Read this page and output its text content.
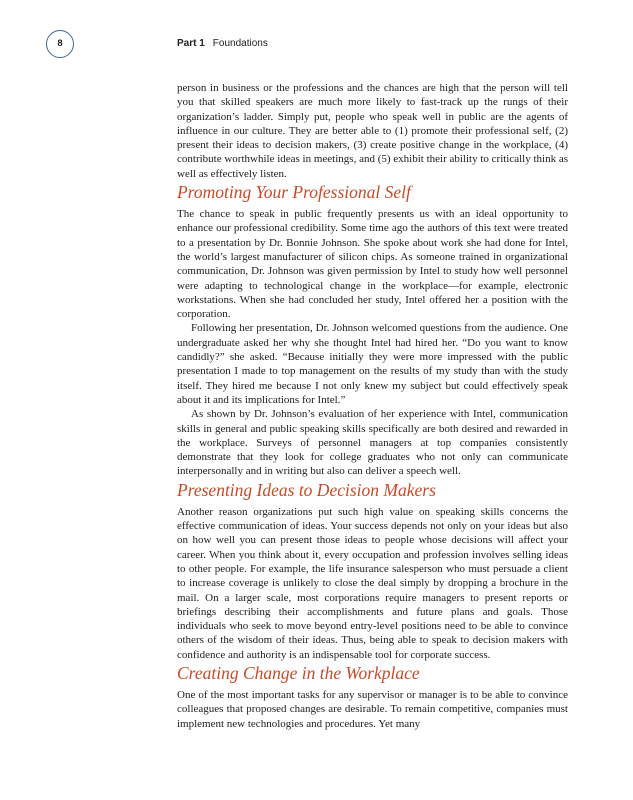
8	Part 1 Foundations

person in business or the professions and the chances are high that the person will tell you that skilled speakers are much more likely to fast-track up the rungs of their organization’s ladder. Simply put, people who speak well in public are the agents of influence in our culture. They are better able to (1) promote their professional self, (2) present their ideas to decision makers, (3) create positive change in the workplace, (4) contribute worthwhile ideas in meetings, and (5) exhibit their ability to critically think as well as effectively listen.

Promoting Your Professional Self

The chance to speak in public frequently presents us with an ideal opportunity to enhance our professional credibility. Some time ago the authors of this text were treated to a presentation by Dr. Bonnie Johnson. She spoke about work she had done for Intel, the world’s largest manufacturer of silicon chips. As someone trained in organizational communication, Dr. Johnson was given permission by Intel to study how well personnel were adapting to technological change in the workplace—for example, electronic workstations. When she had concluded her study, Intel offered her a position with the corporation.

Following her presentation, Dr. Johnson welcomed questions from the audience. One undergraduate asked her why she thought Intel had hired her. “Do you want to know candidly?” she asked. “Because initially they were more impressed with the public presentation I made to top management on the results of my study than with the study itself. They hired me because I not only knew my subject but could effectively speak about it and its implications for Intel.”

As shown by Dr. Johnson’s evaluation of her experience with Intel, communication skills in general and public speaking skills specifically are both desired and rewarded in the workplace. Surveys of personnel managers at top companies consistently demonstrate that they look for college graduates who not only can communicate interpersonally and in writing but also can deliver a speech well.

Presenting Ideas to Decision Makers

Another reason organizations put such high value on speaking skills concerns the effective communication of ideas. Your success depends not only on your ideas but also on how well you can present those ideas to people whose decisions will affect your career. When you think about it, every occupation and profession involves selling ideas to other people. For example, the life insurance salesperson who must persuade a client to increase coverage is unlikely to close the deal simply by dropping a brochure in the mail. On a larger scale, most corporations require managers to present reports or briefings describing their accomplishments and future plans and goals. Those individuals who seek to move beyond entry-level positions need to be able to convince others of the wisdom of their ideas. Thus, being able to speak to decision makers with confidence and authority is an indispensable tool for corporate success.

Creating Change in the Workplace

One of the most important tasks for any supervisor or manager is to be able to convince colleagues that proposed changes are desirable. To remain competitive, companies must implement new technologies and procedures. Yet many
